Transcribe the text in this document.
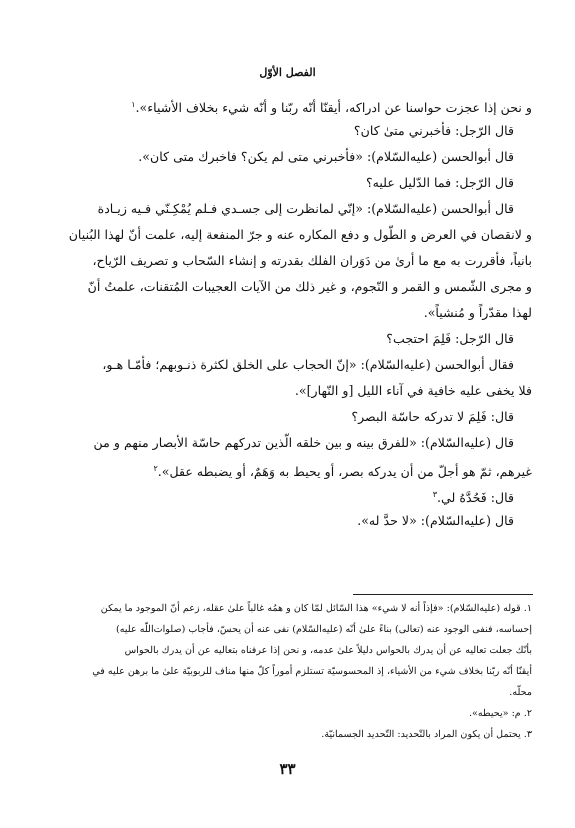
الفصل الأوّل
و نحن إذا عجزت حواسنا عن ادراكه، أيقنّا أنّه ربّنا و أنّه شيء بخلاف الأشياء».$^١$
قال الرّجل: فأخبرني متىٰ كان؟
قال أبوالحسن (عليه‌السّلام): «فأخبرني متى لم يكن؟ فاخبرك متى كان».
قال الرّجل: فما الدّليل عليه؟
قال أبوالحسن (عليه‌السّلام): «إنّي لمانظرت إلى جسـدي فـلم يُمْكِـنّي فـيه زيـادة
و لانقصان في العرض و الطّول و دفع المكاره عنه و جرّ المنفعة إليه، علمت أنّ لهذا البُنيان
بانياً، فأقررت به مع ما أرىٰ من دَوَران الفلك بقدرته و إنشاء السّحاب و تصريف الرّياح،
و مجرى الشّمس و القمر و النّجوم، و غير ذلك من الآيات العجيبات المُتقنات، علمتُ أنّ
لهذا مقدّراً و مُنشياً».
قال الرّجل: فَلِمَ احتجب؟
فقال أبوالحسن (عليه‌السّلام): «إنّ الحجاب على الخلق لكثرة ذنـوبهم؛ فأمّـا هـو،
فلا يخفى عليه خافية في آناء الليل [و النّهار]».
قال: فَلِمَ لا تدركه حاسّة البصر؟
قال (عليه‌السّلام): «للفرق بينه و بين خلقه الّذين تدركهم حاسّة الأبصار منهم و من
غيرهم، ثمّ هو أجلّ من أن يدركه بصر، أو يحيط به وَهَمٌ، أو يضبطه عقل».$^٢$
قال: فَحُدَّهُ لي.$^٣$
قال (عليه‌السّلام): «لا حدَّ له».
١. قوله (عليه‌السّلام): «فإذاً أنه لا شيء» هذا السّائل لمّا كان و همُه غالباً علىٰ عقله، زعم أنّ الموجود ما يمكن
إحساسه، فنفى الوجود عنه (تعالى) بناءً علىٰ أنّه (عليه‌السّلام) نفى عنه أن يحسّ، فأجاب (صلوات‌اللّه عليه)
بأنّك جعلت تعاليه عن أن يدرك بالحواس دليلاً علىٰ عدمه، و نحن إذا عرفناه بتعاليه عن أن يدرك بالحواس
أيقنّا أنّه ربّنا بخلاف شيء من الأشياء، إذ المحسوسيّة تستلزم أموراً كلّ منها مناف للربوبيّة علىٰ ما برهن عليه في
محلّه.
٢. م: «يحيطه».
٣. يحتمل أن يكون المراد بالتّحديد: التّحديد الجسمانيّة.
٣٣
